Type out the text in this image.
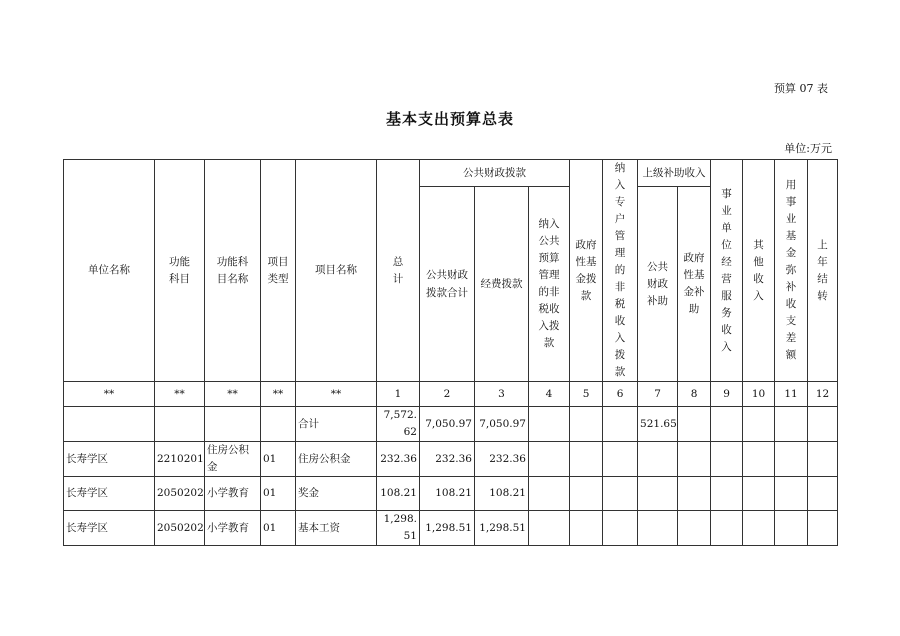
预算 07 表
基本支出预算总表
单位:万元
单位名称	功能科目	功能科目名称	项目类型	项目名称	总计	公共财政拨款			政府性基金拨款	纳入专户管理的非税收入拨款	上级补助收入		事业单位经营服务收入	其他收入	用事业基金弥补收支差额	上年结转
						公共财政拨款合计	经费拨款	纳入公共预算管理的非税收入拨款			公共财政补助	政府性基金补助				

**	**	**	**	**	1	2	3	4	5	6	7	8	9	10	11	12
				合计	7,572.62	7,050.97	7,050.97				521.65					
长寿学区	2210201	住房公积金	01	住房公积金	232.36	232.36	232.36									
长寿学区	2050202	小学教育	01	奖金	108.21	108.21	108.21									
长寿学区	2050202	小学教育	01	基本工资	1,298.51	1,298.51	1,298.51									
